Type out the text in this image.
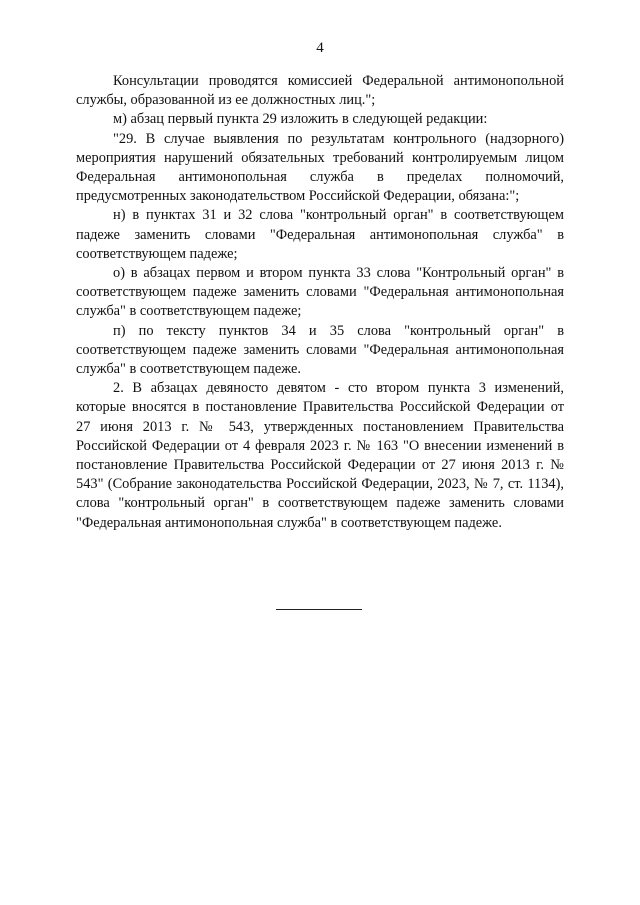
4

Консультации проводятся комиссией Федеральной антимонопольной службы, образованной из ее должностных лиц.";

м) абзац первый пункта 29 изложить в следующей редакции:

"29. В случае выявления по результатам контрольного (надзорного) мероприятия нарушений обязательных требований контролируемым лицом Федеральная антимонопольная служба в пределах полномочий, предусмотренных законодательством Российской Федерации, обязана:";

н) в пунктах 31 и 32 слова "контрольный орган" в соответствующем падеже заменить словами "Федеральная антимонопольная служба" в соответствующем падеже;

о) в абзацах первом и втором пункта 33 слова "Контрольный орган" в соответствующем падеже заменить словами "Федеральная антимонопольная служба" в соответствующем падеже;

п) по тексту пунктов 34 и 35 слова "контрольный орган" в соответствующем падеже заменить словами "Федеральная антимонопольная служба" в соответствующем падеже.

2. В абзацах девяносто девятом - сто втором пункта 3 изменений, которые вносятся в постановление Правительства Российской Федерации от 27 июня 2013 г. № 543, утвержденных постановлением Правительства Российской Федерации от 4 февраля 2023 г. № 163 "О внесении изменений в постановление Правительства Российской Федерации от 27 июня 2013 г. № 543" (Собрание законодательства Российской Федерации, 2023, № 7, ст. 1134), слова "контрольный орган" в соответствующем падеже заменить словами "Федеральная антимонопольная служба" в соответствующем падеже.
